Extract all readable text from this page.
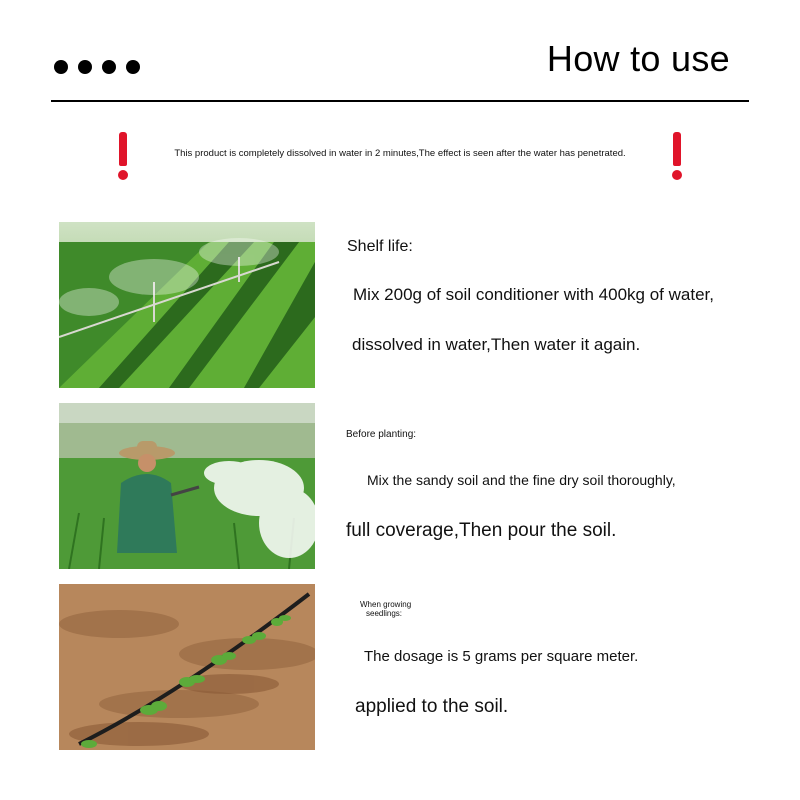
How to use
This product is completely dissolved in water in 2 minutes,The effect is seen after the water has penetrated.
Shelf life:
Mix 200g of soil conditioner with 400kg of water,
dissolved in water,Then water it again.
Before planting:
Mix the sandy soil and the fine dry soil thoroughly,
full coverage,Then pour the soil.
When growing
seedlings:
The dosage is 5 grams per square meter.
applied to the soil.
